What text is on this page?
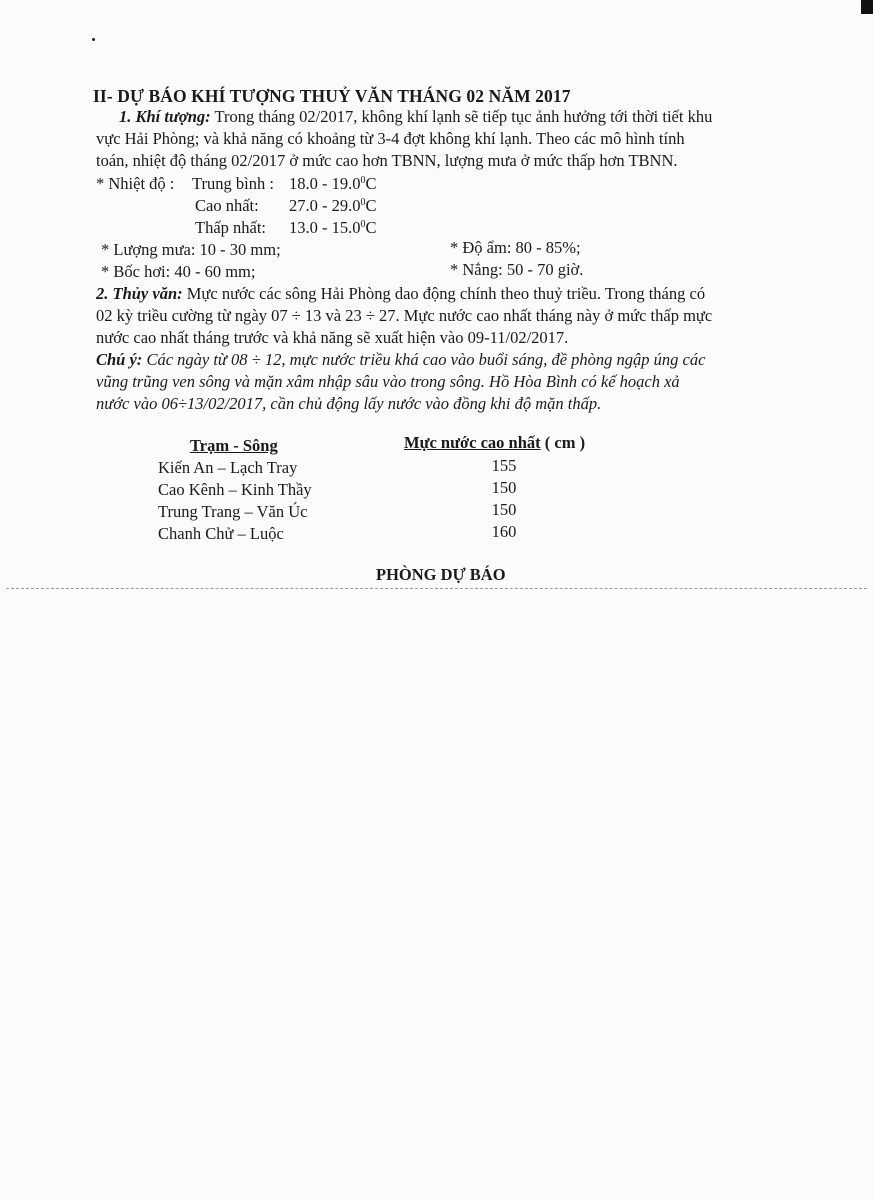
II- DỰ BÁO KHÍ TƯỢNG THUỶ VĂN THÁNG 02 NĂM 2017
1. Khí tượng: Trong tháng 02/2017, không khí lạnh sẽ tiếp tục ảnh hưởng tới thời tiết khu
vực Hải Phòng; và khả năng có khoảng từ 3-4 đợt không khí lạnh. Theo các mô hình tính
toán, nhiệt độ tháng 02/2017 ở mức cao hơn TBNN, lượng mưa ở mức thấp hơn TBNN.
* Nhiệt độ : Trung bình : 18.0 - 19.0$^0$C
Cao nhất: 27.0 - 29.0$^0$C
Thấp nhất: 13.0 - 15.0$^0$C
* Lượng mưa: 10 - 30 mm;	* Độ ẩm: 80 - 85%;
* Bốc hơi: 40 - 60 mm;	* Nắng: 50 - 70 giờ.
2. Thủy văn: Mực nước các sông Hải Phòng dao động chính theo thuỷ triều. Trong tháng có
02 kỳ triều cường từ ngày 07 ÷ 13 và 23 ÷ 27. Mực nước cao nhất tháng này ở mức thấp mực
nước cao nhất tháng trước và khả năng sẽ xuất hiện vào 09-11/02/2017.
Chú ý: Các ngày từ 08 ÷ 12, mực nước triều khá cao vào buổi sáng, đề phòng ngập úng các
vũng trũng ven sông và mặn xâm nhập sâu vào trong sông. Hồ Hòa Bình có kế hoạch xả
nước vào 06÷13/02/2017, cần chủ động lấy nước vào đồng khi độ mặn thấp.
Trạm - Sông	Mực nước cao nhất ( cm )
Kiến An – Lạch Tray	155
Cao Kênh – Kinh Thầy	150
Trung Trang – Văn Úc	150
Chanh Chử – Luộc	160
PHÒNG DỰ BÁO
